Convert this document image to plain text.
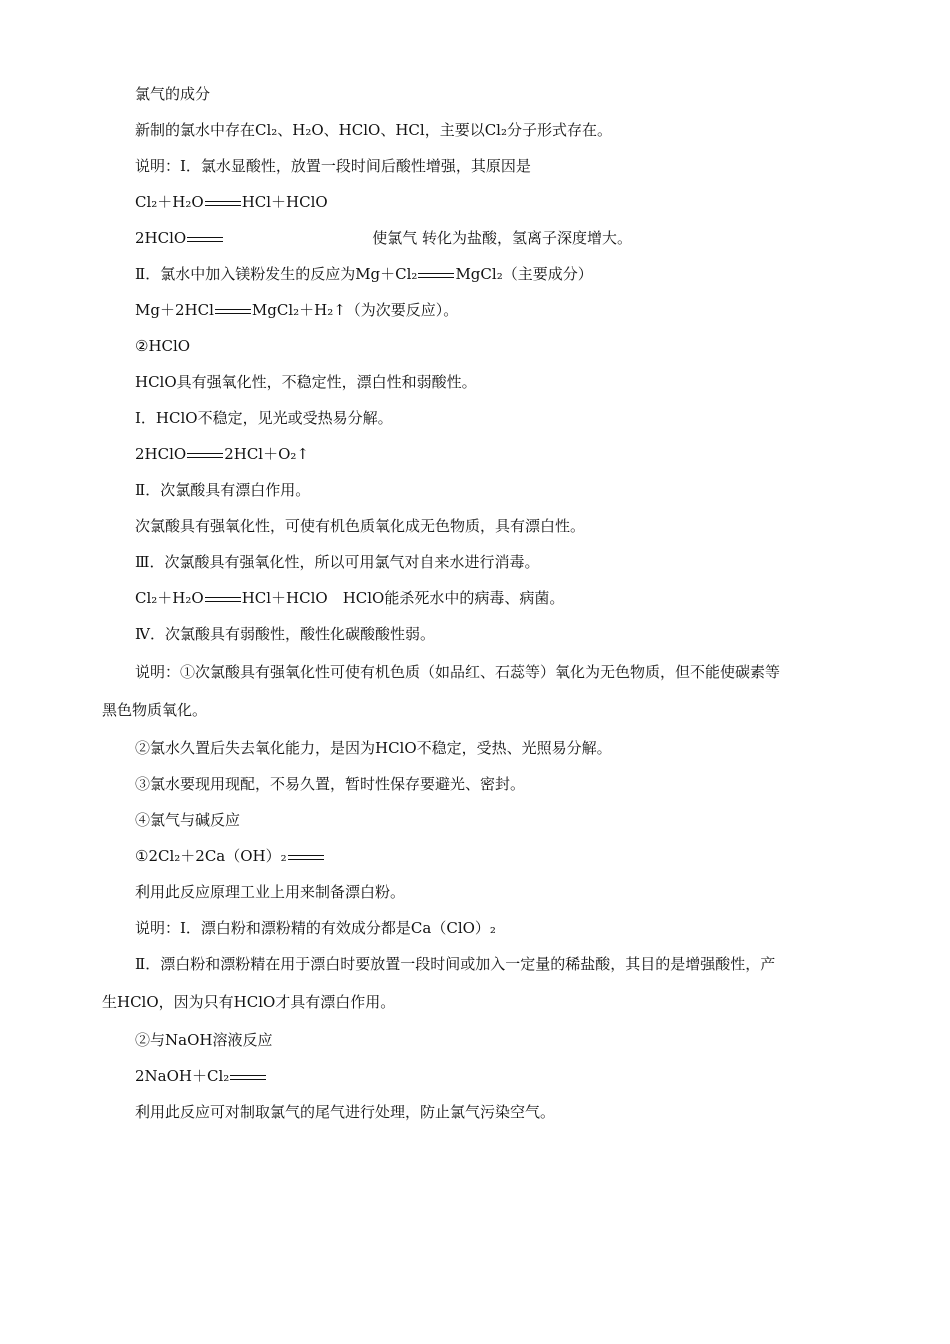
氯气的成分
新制的氯水中存在Cl₂、H₂O、HClO、HCl，主要以Cl₂分子形式存在。
说明：Ⅰ．氯水显酸性，放置一段时间后酸性增强，其原因是
Cl₂＋H₂O	HCl＋HClO
2HClO	使氯气 转化为盐酸，氢离子深度增大。
Ⅱ．氯水中加入镁粉发生的反应为Mg＋Cl₂	MgCl₂（主要成分）
Mg＋2HCl	MgCl₂＋H₂↑（为次要反应）。
②HClO
HClO具有强氧化性，不稳定性，漂白性和弱酸性。
Ⅰ．HClO不稳定，见光或受热易分解。
2HClO	2HCl＋O₂↑
Ⅱ．次氯酸具有漂白作用。
次氯酸具有强氧化性，可使有机色质氧化成无色物质，具有漂白性。
Ⅲ．次氯酸具有强氧化性，所以可用氯气对自来水进行消毒。
Cl₂＋H₂O	HCl＋HClO　HClO能杀死水中的病毒、病菌。
Ⅳ．次氯酸具有弱酸性，酸性化碳酸酸性弱。
说明：①次氯酸具有强氧化性可使有机色质（如品红、石蕊等）氧化为无色物质，但不能使碳素等
黑色物质氧化。
②氯水久置后失去氧化能力，是因为HClO不稳定，受热、光照易分解。
③氯水要现用现配，不易久置，暂时性保存要避光、密封。
④氯气与碱反应
①2Cl₂＋2Ca（OH）₂
利用此反应原理工业上用来制备漂白粉。
说明：Ⅰ．漂白粉和漂粉精的有效成分都是Ca（ClO）₂
Ⅱ．漂白粉和漂粉精在用于漂白时要放置一段时间或加入一定量的稀盐酸，其目的是增强酸性，产
生HClO，因为只有HClO才具有漂白作用。
②与NaOH溶液反应
2NaOH＋Cl₂
利用此反应可对制取氯气的尾气进行处理，防止氯气污染空气。
